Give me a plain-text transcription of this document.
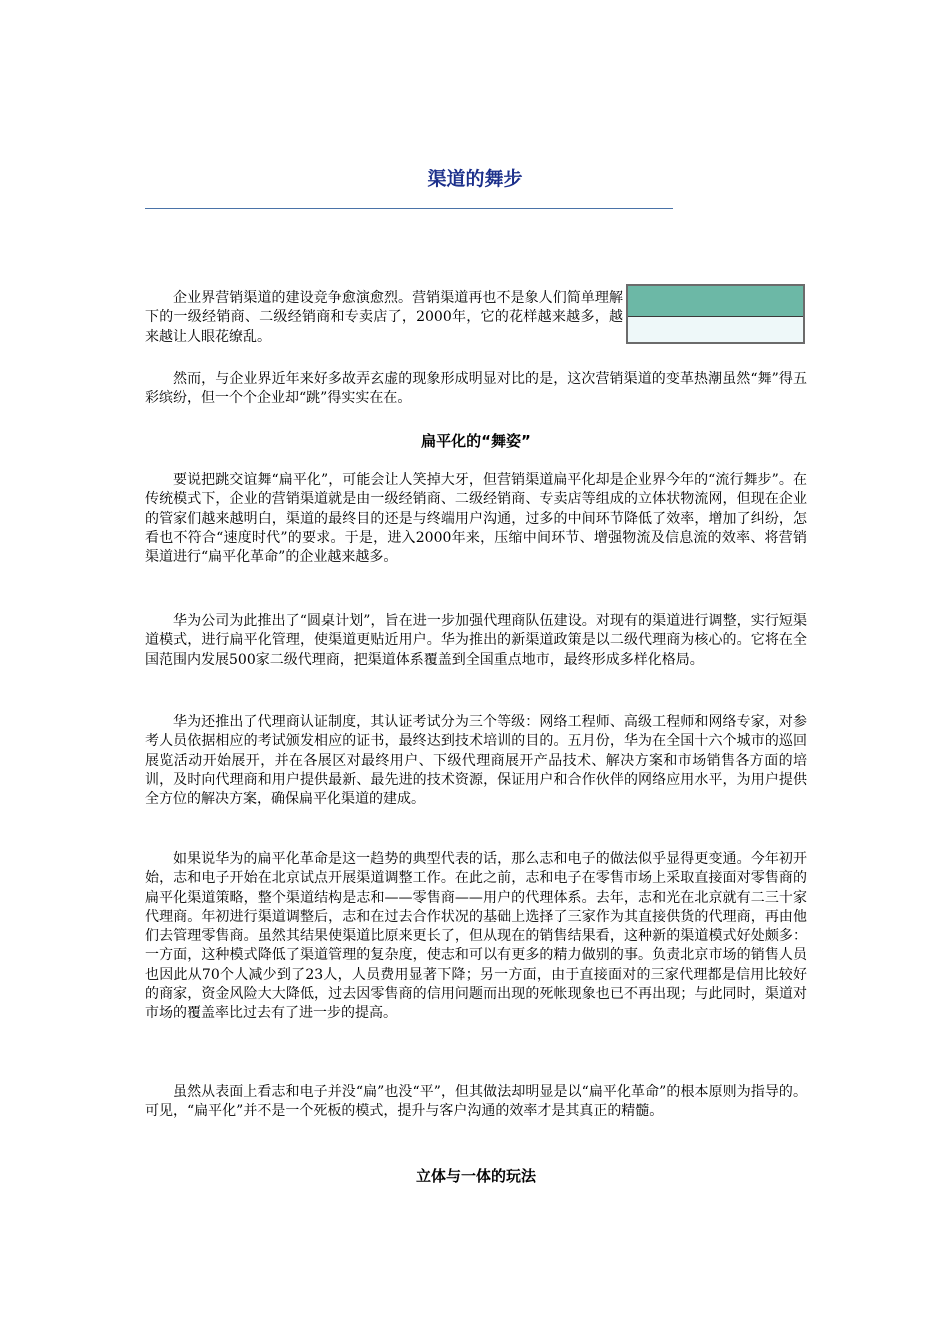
渠道的舞步

企业界营销渠道的建设竞争愈演愈烈。营销渠道再也不是象人们简单理解下的一级经销商、二级经销商和专卖店了，2000年，它的花样越来越多，越来越让人眼花缭乱。

然而，与企业界近年来好多故弄玄虚的现象形成明显对比的是，这次营销渠道的变革热潮虽然“舞”得五彩缤纷，但一个个企业却“跳”得实实在在。

扁平化的“舞姿”

要说把跳交谊舞“扁平化”，可能会让人笑掉大牙，但营销渠道扁平化却是企业界今年的“流行舞步”。在传统模式下，企业的营销渠道就是由一级经销商、二级经销商、专卖店等组成的立体状物流网，但现在企业的管家们越来越明白，渠道的最终目的还是与终端用户沟通，过多的中间环节降低了效率，增加了纠纷，怎看也不符合“速度时代”的要求。于是，进入2000年来，压缩中间环节、增强物流及信息流的效率、将营销渠道进行“扁平化革命”的企业越来越多。

华为公司为此推出了“圆桌计划”，旨在进一步加强代理商队伍建设。对现有的渠道进行调整，实行短渠道模式，进行扁平化管理，使渠道更贴近用户。华为推出的新渠道政策是以二级代理商为核心的。它将在全国范围内发展500家二级代理商，把渠道体系覆盖到全国重点地市，最终形成多样化格局。

华为还推出了代理商认证制度，其认证考试分为三个等级：网络工程师、高级工程师和网络专家，对参考人员依据相应的考试颁发相应的证书，最终达到技术培训的目的。五月份，华为在全国十六个城市的巡回展览活动开始展开，并在各展区对最终用户、下级代理商展开产品技术、解决方案和市场销售各方面的培训，及时向代理商和用户提供最新、最先进的技术资源，保证用户和合作伙伴的网络应用水平，为用户提供全方位的解决方案，确保扁平化渠道的建成。

如果说华为的扁平化革命是这一趋势的典型代表的话，那么志和电子的做法似乎显得更变通。今年初开始，志和电子开始在北京试点开展渠道调整工作。在此之前，志和电子在零售市场上采取直接面对零售商的扁平化渠道策略，整个渠道结构是志和——零售商——用户的代理体系。去年，志和光在北京就有二三十家代理商。年初进行渠道调整后，志和在过去合作状况的基础上选择了三家作为其直接供货的代理商，再由他们去管理零售商。虽然其结果使渠道比原来更长了，但从现在的销售结果看，这种新的渠道模式好处颇多：一方面，这种模式降低了渠道管理的复杂度，使志和可以有更多的精力做别的事。负责北京市场的销售人员也因此从70个人减少到了23人，人员费用显著下降；另一方面，由于直接面对的三家代理都是信用比较好的商家，资金风险大大降低，过去因零售商的信用问题而出现的死帐现象也已不再出现；与此同时，渠道对市场的覆盖率比过去有了进一步的提高。

虽然从表面上看志和电子并没“扁”也没“平”，但其做法却明显是以“扁平化革命”的根本原则为指导的。可见，“扁平化”并不是一个死板的模式，提升与客户沟通的效率才是其真正的精髓。

立体与一体的玩法
